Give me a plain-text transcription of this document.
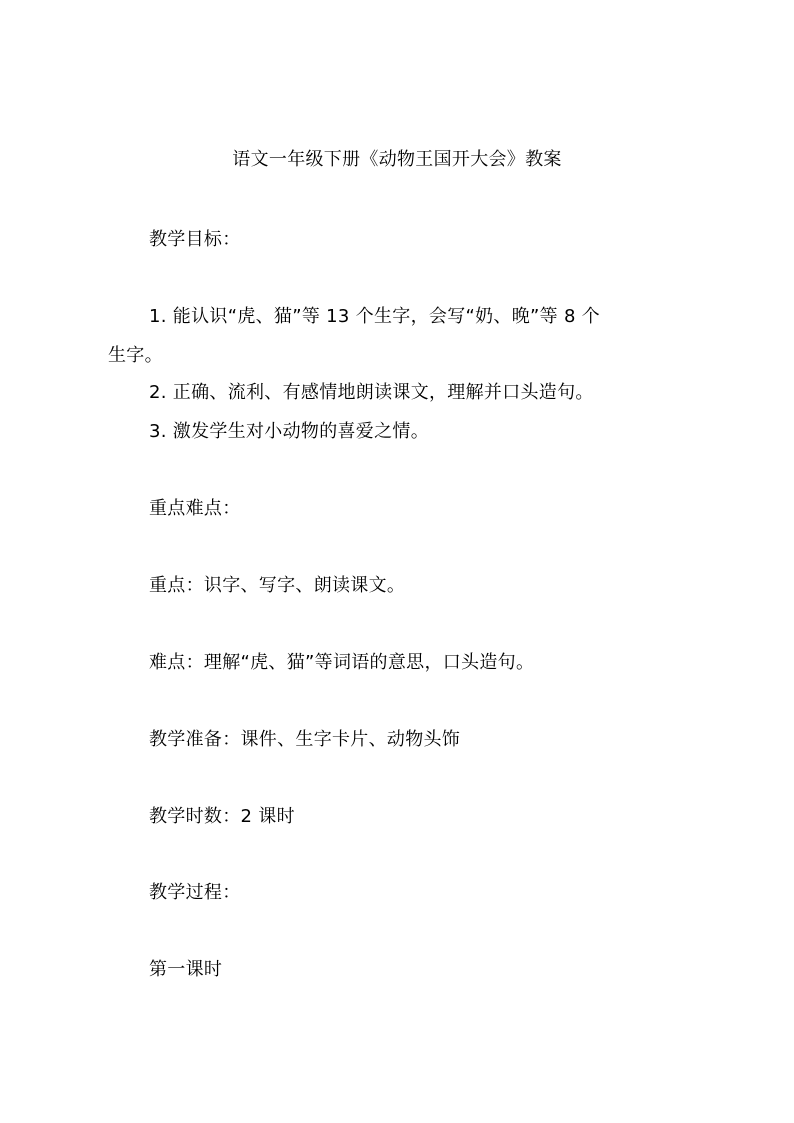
语文一年级下册《动物王国开大会》教案
教学目标：
1. 能认识“虎、猫”等 13 个生字，会写“奶、晚”等 8 个
生字。
2. 正确、流利、有感情地朗读课文，理解并口头造句。
3. 激发学生对小动物的喜爱之情。
重点难点：
重点：识字、写字、朗读课文。
难点：理解“虎、猫”等词语的意思，口头造句。
教学准备：课件、生字卡片、动物头饰
教学时数：2 课时
教学过程：
第一课时
